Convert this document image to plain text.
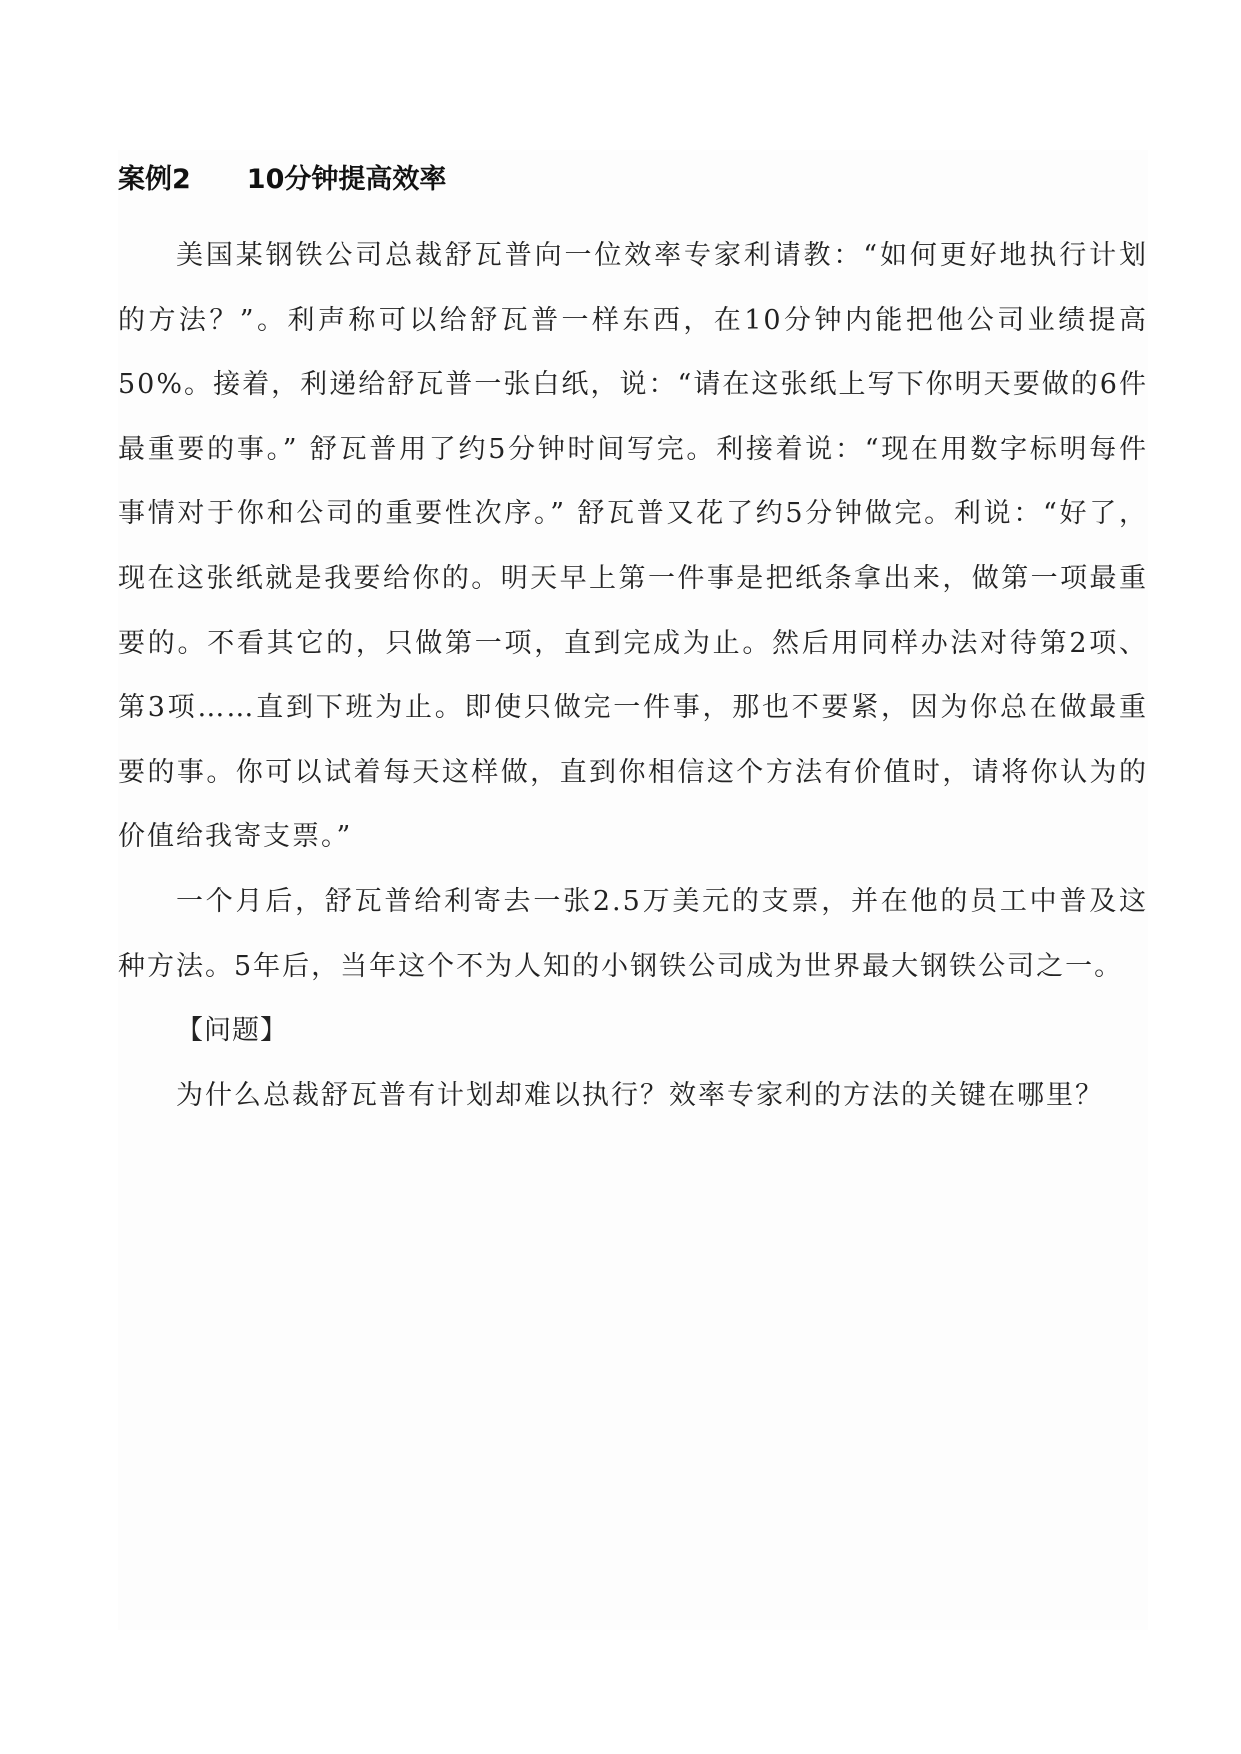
案例2 10分钟提高效率

美国某钢铁公司总裁舒瓦普向一位效率专家利请教：“如何更好地执行计划的方法？”。利声称可以给舒瓦普一样东西，在10分钟内能把他公司业绩提高50%。接着，利递给舒瓦普一张白纸，说：“请在这张纸上写下你明天要做的6件最重要的事。” 舒瓦普用了约5分钟时间写完。利接着说：“现在用数字标明每件事情对于你和公司的重要性次序。” 舒瓦普又花了约5分钟做完。利说：“好了，现在这张纸就是我要给你的。明天早上第一件事是把纸条拿出来，做第一项最重要的。不看其它的，只做第一项，直到完成为止。然后用同样办法对待第2项、第3项……直到下班为止。即使只做完一件事，那也不要紧，因为你总在做最重要的事。你可以试着每天这样做，直到你相信这个方法有价值时，请将你认为的价值给我寄支票。”

一个月后，舒瓦普给利寄去一张2.5万美元的支票，并在他的员工中普及这种方法。5年后，当年这个不为人知的小钢铁公司成为世界最大钢铁公司之一。

【问题】

为什么总裁舒瓦普有计划却难以执行？效率专家利的方法的关键在哪里？
